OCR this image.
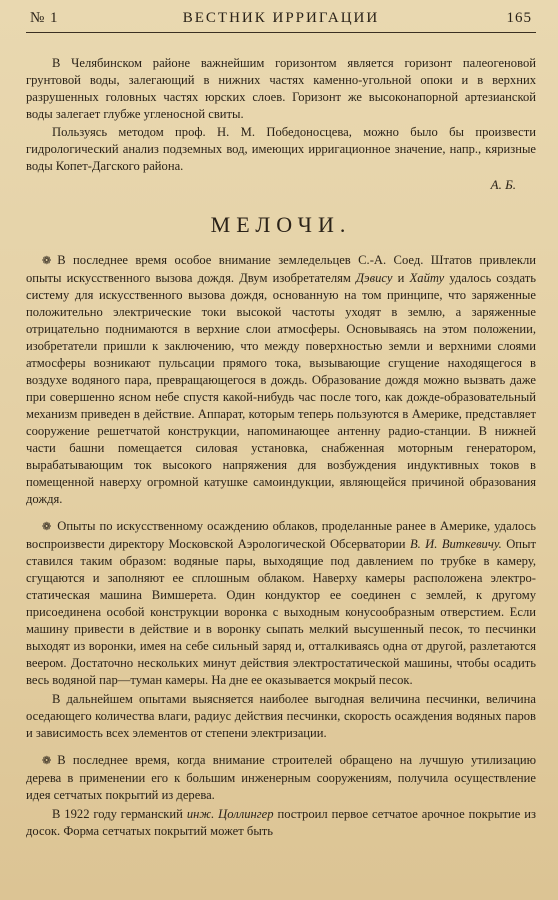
№ 1	ВЕСТНИК ИРРИГАЦИИ	165

В Челябинском районе важнейшим горизонтом является горизонт палеогеновой грунтовой воды, залегающий в нижних частях каменно-угольной опоки и в верхних разрушенных головных частях юрских слоев. Горизонт же высоконапорной артезианской воды залегает глубже угленосной свиты.

Пользуясь методом проф. Н. М. Победоносцева, можно было бы произвести гидрологический анализ подземных вод, имеющих ирригационное значение, напр., кяризные воды Копет-Дагского района.

А. Б.
МЕЛОЧИ.

❁ В последнее время особое внимание земледельцев С.-А. Соед. Штатов привлекли опыты искусственного вызова дождя. Двум изобретателям Дэвису и Хайту удалось создать систему для искусственного вызова дождя, основанную на том принципе, что заряженные положительно электрические токи высокой частоты уходят в землю, а заряженные отрицательно поднимаются в верхние слои атмосферы. Основываясь на этом положении, изобретатели пришли к заключению, что между поверхностью земли и верхними слоями атмосферы возникают пульсации прямого тока, вызывающие сгущение находящегося в воздухе водяного пара, превращающегося в дождь. Образование дождя можно вызвать даже при совершенно ясном небе спустя какой-нибудь час после того, как дожде-образовательный механизм приведен в действие. Аппарат, которым теперь пользуются в Америке, представляет сооружение решетчатой конструкции, напоминающее антенну радио-станции. В нижней части башни помещается силовая установка, снабженная моторным генератором, вырабатывающим ток высокого напряжения для возбуждения индуктивных токов в помещенной наверху огромной катушке самоиндукции, являющейся причиной образования дождя.

❁ Опыты по искусственному осаждению облаков, проделанные ранее в Америке, удалось воспроизвести директору Московской Аэрологической Обсерватории В. И. Виткевичу. Опыт ставился таким образом: водяные пары, выходящие под давлением по трубке в камеру, сгущаются и заполняют ее сплошным облаком. Наверху камеры расположена электро-статическая машина Вимшерета. Один кондуктор ее соединен с землей, к другому присоединена особой конструкции воронка с выходным конусообразным отверстием. Если машину привести в действие и в воронку сыпать мелкий высушенный песок, то песчинки выходят из воронки, имея на себе сильный заряд и, отталкиваясь одна от другой, разлетаются веером. Достаточно нескольких минут действия электростатической машины, чтобы осадить весь водяной пар—туман камеры. На дне ее оказывается мокрый песок.

В дальнейшем опытами выясняется наиболее выгодная величина песчинки, величина оседающего количества влаги, радиус действия песчинки, скорость осаждения водяных паров и зависимость всех элементов от степени электризации.

❁ В последнее время, когда внимание строителей обращено на лучшую утилизацию дерева в применении его к большим инженерным сооружениям, получила осуществление идея сетчатых покрытий из дерева.

В 1922 году германский инж. Цоллингер построил первое сетчатое арочное покрытие из досок. Форма сетчатых покрытий может быть
